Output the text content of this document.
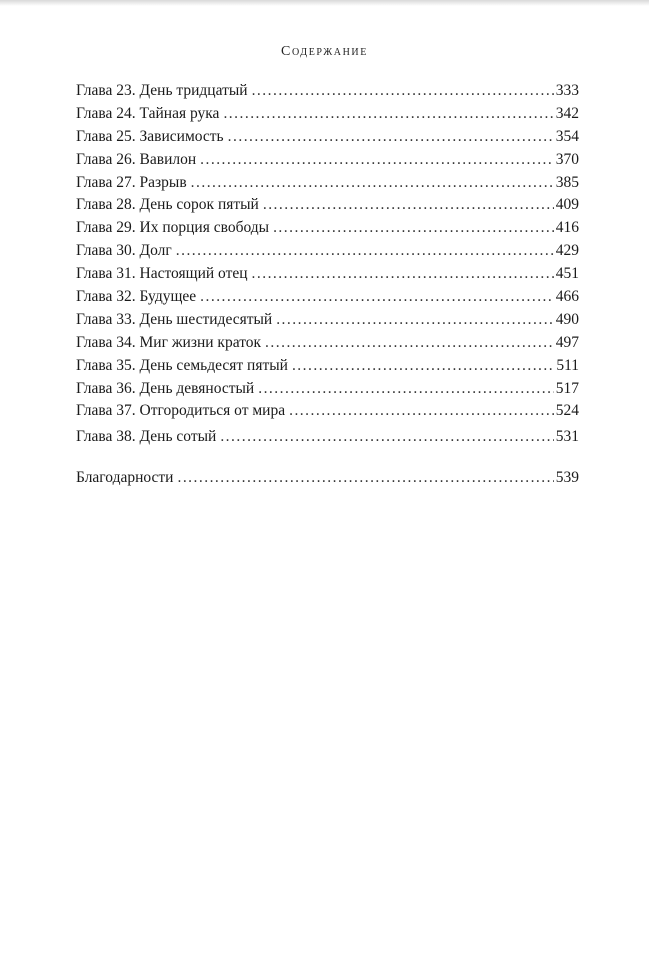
Содержание
Глава 23. День тридцатый . . .	333
Глава 24. Тайная рука . . .	342
Глава 25. Зависимость . . .	354
Глава 26. Вавилон . . .	370
Глава 27. Разрыв . . .	385
Глава 28. День сорок пятый . . .	409
Глава 29. Их порция свободы . . .	416
Глава 30. Долг . . .	429
Глава 31. Настоящий отец . . .	451
Глава 32. Будущее . . .	466
Глава 33. День шестидесятый . . .	490
Глава 34. Миг жизни краток . . .	497
Глава 35. День семьдесят пятый . . .	511
Глава 36. День девяностый . . .	517
Глава 37. Отгородиться от мира . . .	524
Глава 38. День сотый . . .	531
Благодарности . . .	539
